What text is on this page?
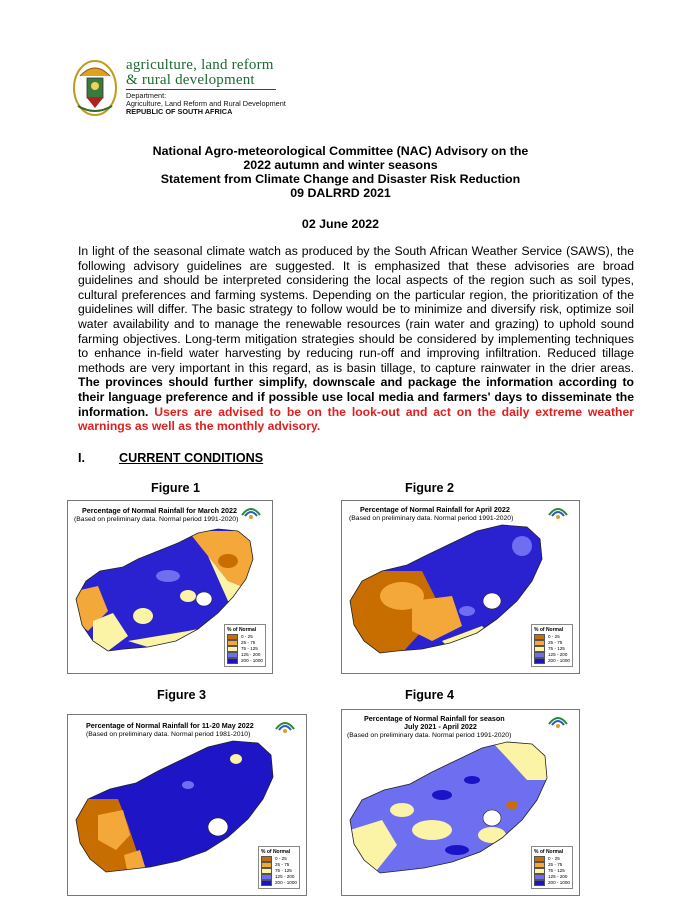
agriculture, land reform
& rural development
Department:
Agriculture, Land Reform and Rural Development
REPUBLIC OF SOUTH AFRICA
National Agro-meteorological Committee (NAC) Advisory on the
2022 autumn and winter seasons
Statement from Climate Change and Disaster Risk Reduction
09 DALRRD 2021
02 June 2022
In light of the seasonal climate watch as produced by the South African Weather Service (SAWS), the following advisory guidelines are suggested. It is emphasized that these advisories are broad guidelines and should be interpreted considering the local aspects of the region such as soil types, cultural preferences and farming systems. Depending on the particular region, the prioritization of the guidelines will differ. The basic strategy to follow would be to minimize and diversify risk, optimize soil water availability and to manage the renewable resources (rain water and grazing) to uphold sound farming objectives. Long-term mitigation strategies should be considered by implementing techniques to enhance in-field water harvesting by reducing run-off and improving infiltration. Reduced tillage methods are very important in this regard, as is basin tillage, to capture rainwater in the drier areas. The provinces should further simplify, downscale and package the information according to their language preference and if possible use local media and farmers' days to disseminate the information. Users are advised to be on the look-out and act on the daily extreme weather warnings as well as the monthly advisory.
I.	CURRENT CONDITIONS
Figure 1	Figure 2
Figure 3	Figure 4
Percentage of Normal Rainfall for March 2022
(Based on preliminary data. Normal period 1991-2020)
% of Normal
0 - 25
25 - 75
75 - 125
125 - 200
200 - 1000
Percentage of Normal Rainfall for April 2022
(Based on preliminary data. Normal period 1991-2020)
% of Normal
0 - 25
25 - 75
75 - 125
125 - 200
200 - 1000
Percentage of Normal Rainfall for 11-20 May 2022
(Based on preliminary data. Normal period 1981-2010)
% of Normal
0 - 25
25 - 75
75 - 125
125 - 200
200 - 1000
Percentage of Normal Rainfall for season
July 2021 - April 2022
(Based on preliminary data. Normal period 1991-2020)
% of Normal
0 - 25
25 - 75
75 - 125
125 - 200
200 - 1000
